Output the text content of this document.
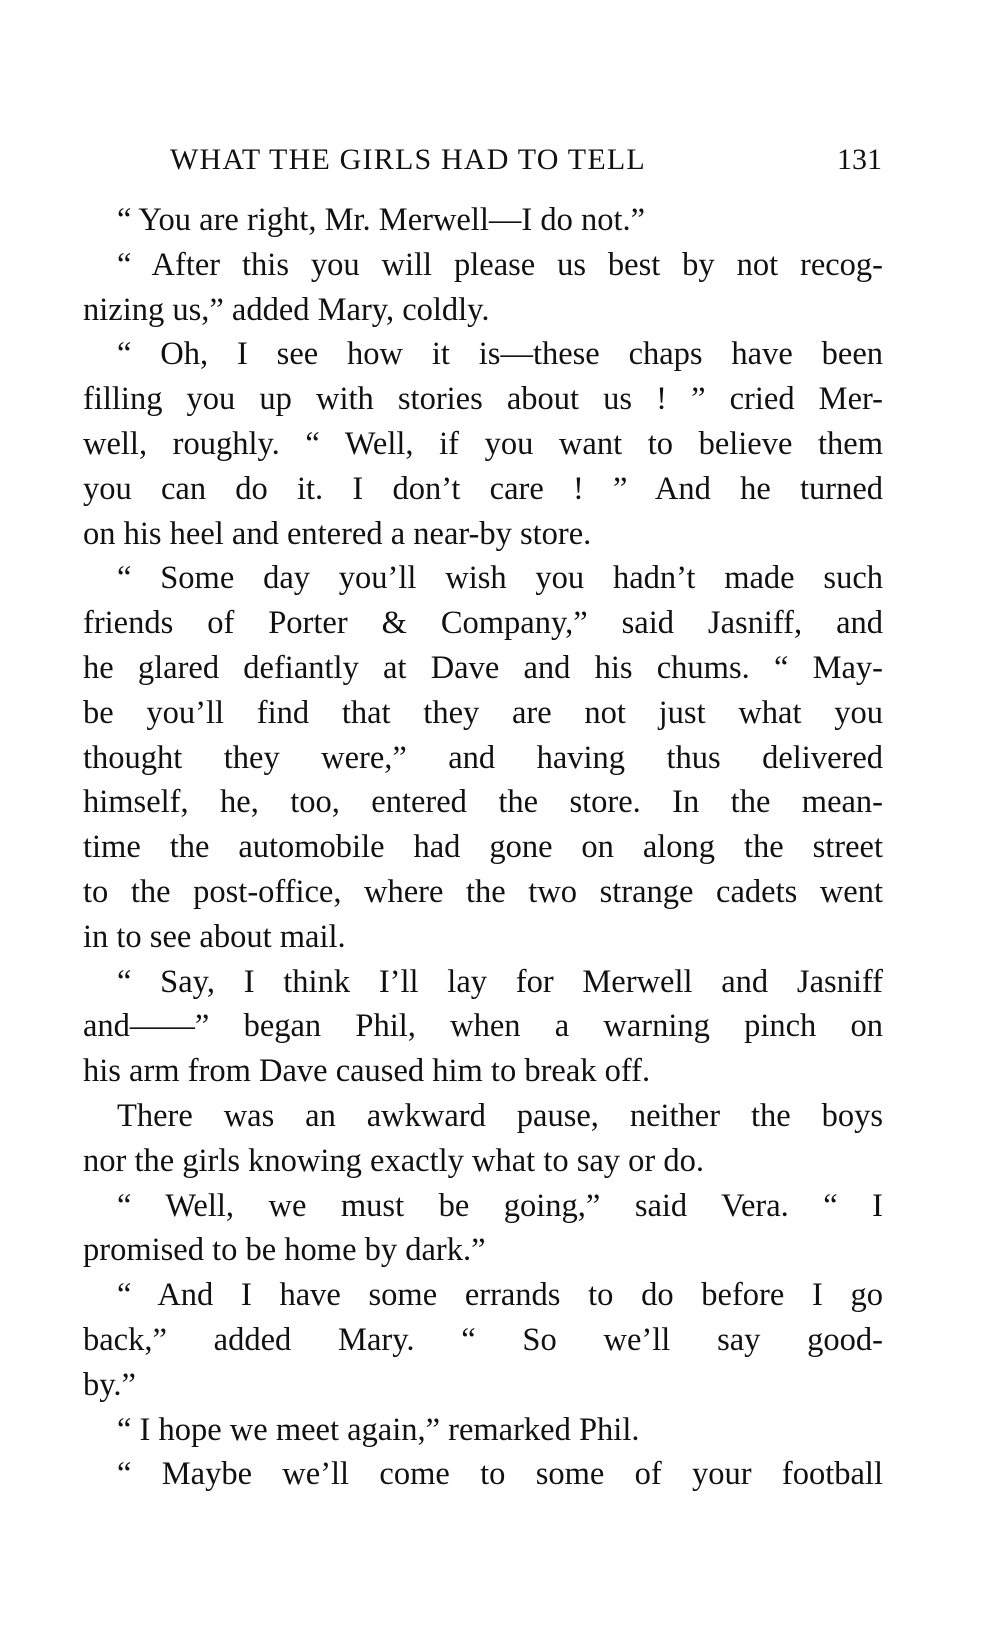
WHAT THE GIRLS HAD TO TELL	131
“ You are right, Mr. Merwell—I do not.”
“ After this you will please us best by not recog-
nizing us,” added Mary, coldly.
“ Oh, I see how it is—these chaps have been
filling you up with stories about us ! ” cried Mer-
well, roughly. “ Well, if you want to believe them
you can do it. I don’t care ! ” And he turned
on his heel and entered a near-by store.
“ Some day you’ll wish you hadn’t made such
friends of Porter & Company,” said Jasniff, and
he glared defiantly at Dave and his chums. “ May-
be you’ll find that they are not just what you
thought they were,” and having thus delivered
himself, he, too, entered the store. In the mean-
time the automobile had gone on along the street
to the post-office, where the two strange cadets went
in to see about mail.
“ Say, I think I’ll lay for Merwell and Jasniff
and——” began Phil, when a warning pinch on
his arm from Dave caused him to break off.
There was an awkward pause, neither the boys
nor the girls knowing exactly what to say or do.
“ Well, we must be going,” said Vera. “ I
promised to be home by dark.”
“ And I have some errands to do before I go
back,” added Mary. “ So we’ll say good-
by.”
“ I hope we meet again,” remarked Phil.
“ Maybe we’ll come to some of your football
